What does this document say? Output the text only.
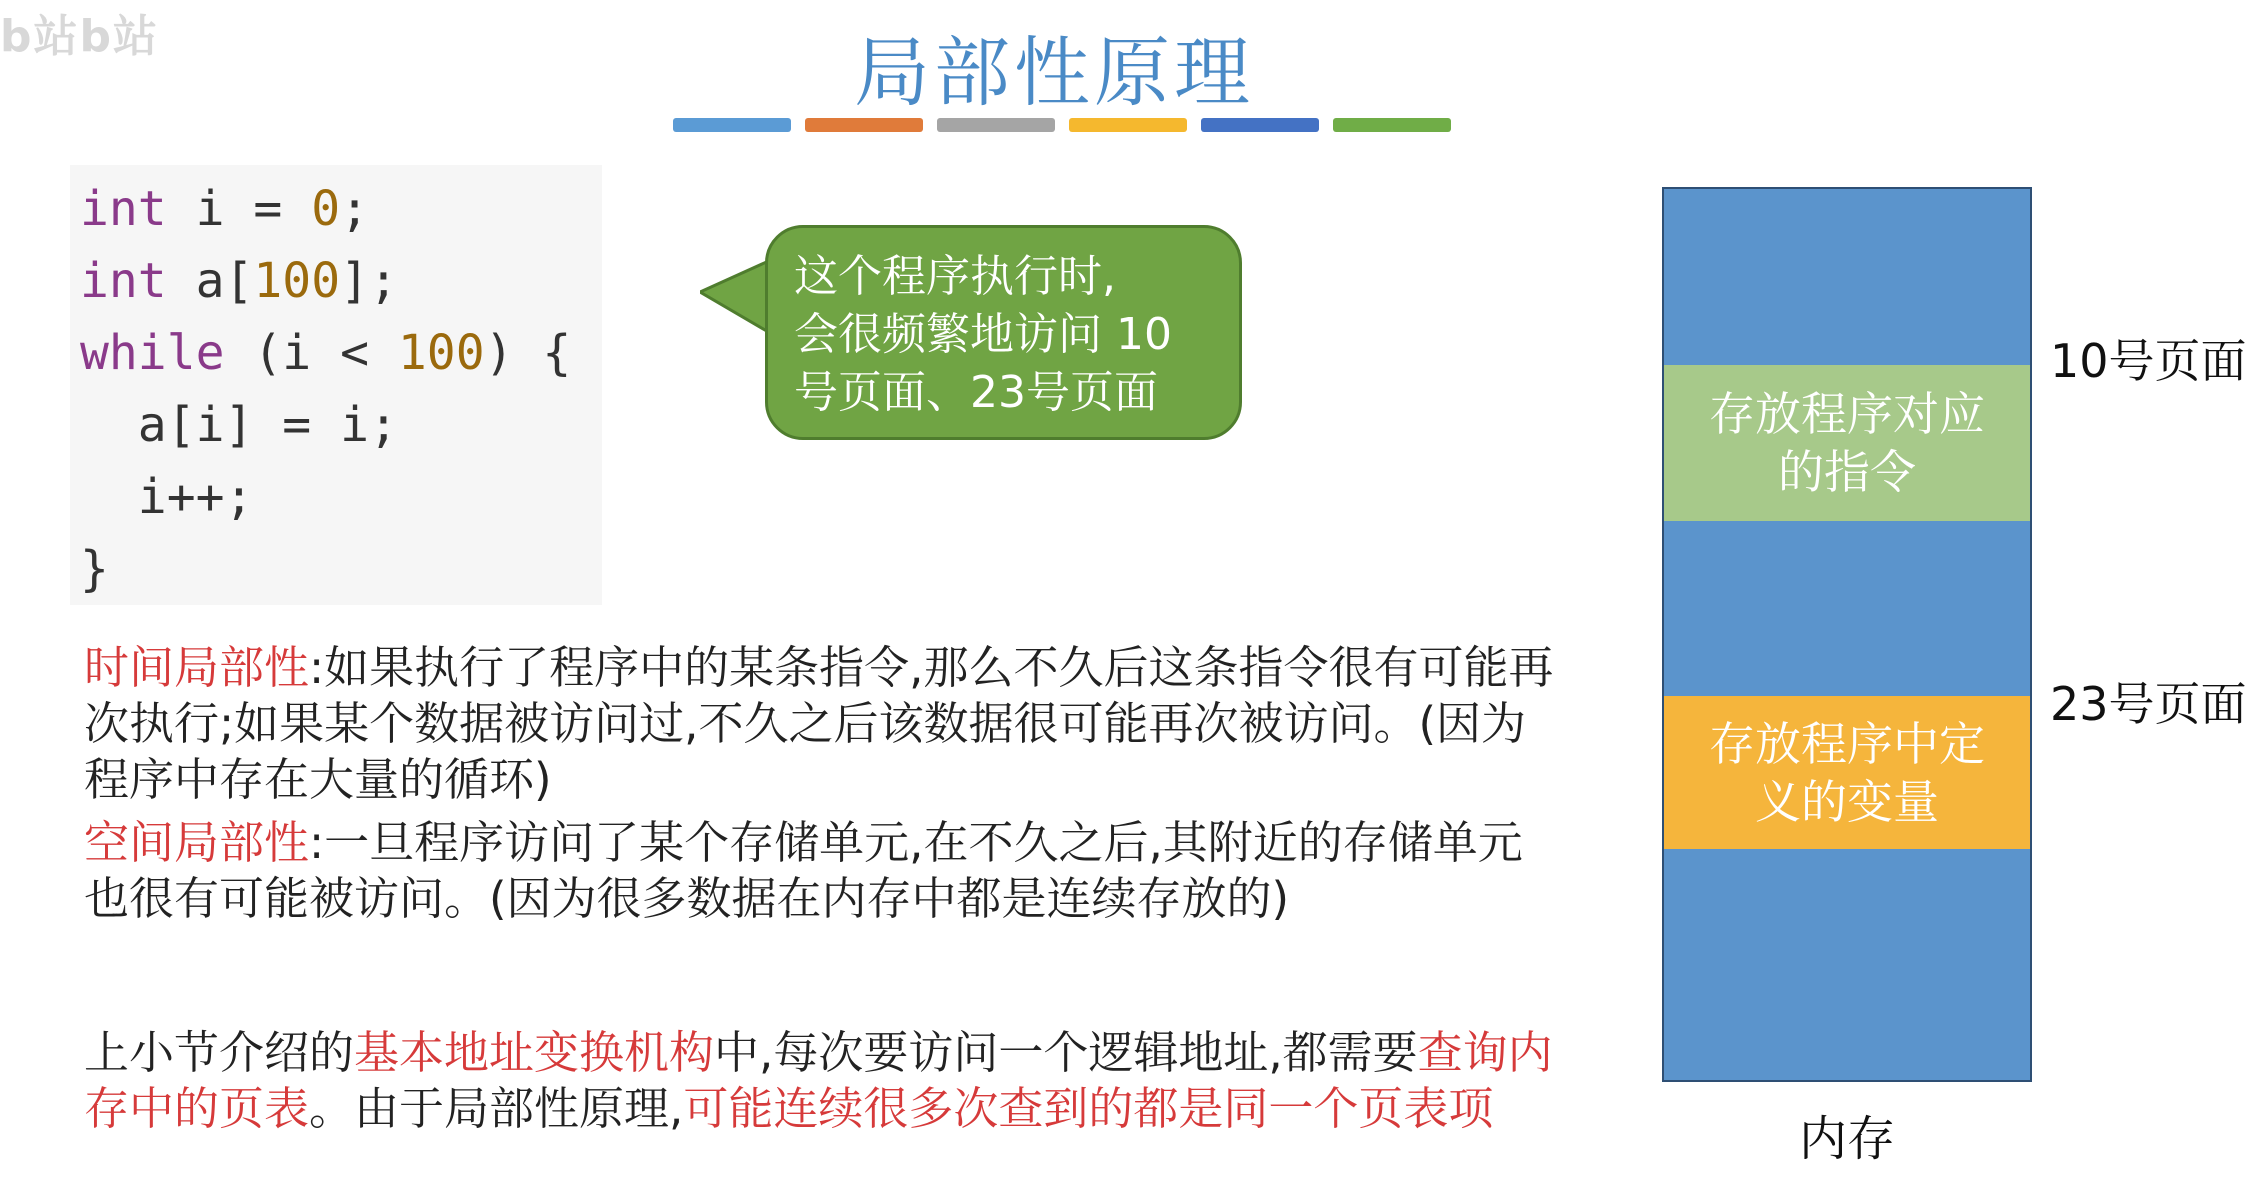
b站b站	局部性原理
int i = 0;
int a[100];
while (i < 100) {
a[i] = i;
i++;
}
这个程序执行时,
会很频繁地访问 10
号页面、23号页面
时间局部性:如果执行了程序中的某条指令,那么不久后这条指令很有可能再次执行;如果某个数据被访问过,不久之后该数据很可能再次被访问。(因为程序中存在大量的循环)
空间局部性:一旦程序访问了某个存储单元,在不久之后,其附近的存储单元也很有可能被访问。(因为很多数据在内存中都是连续存放的)
上小节介绍的基本地址变换机构中,每次要访问一个逻辑地址,都需要查询内存中的页表。由于局部性原理,可能连续很多次查到的都是同一个页表项
存放程序对应的指令
存放程序中定义的变量
10号页面
23号页面
内存
